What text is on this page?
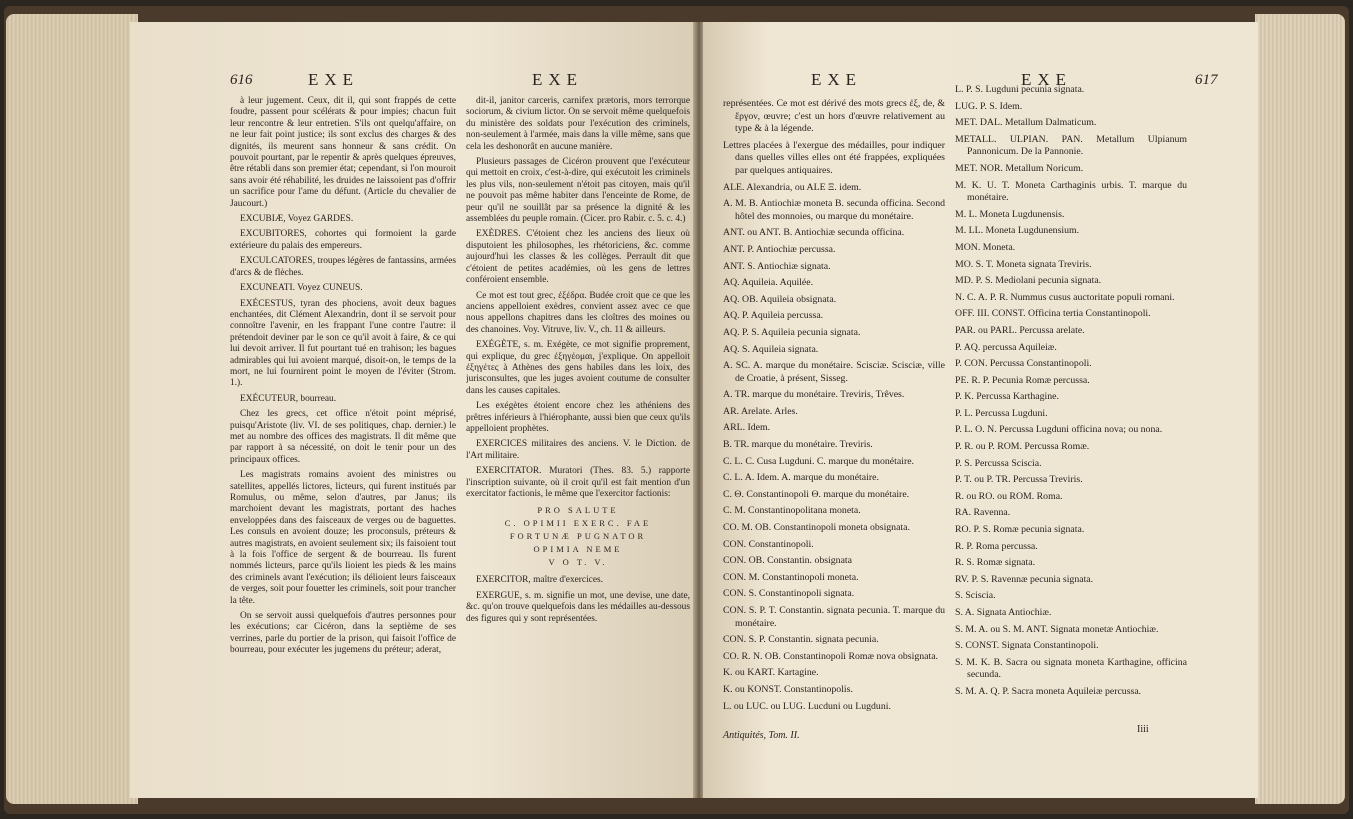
616	EXE	EXE

à leur jugement. Ceux, dit il, qui sont frappés de cette foudre, passent pour scélérats & pour impies; chacun fuit leur rencontre & leur entretien. S'ils ont quelqu'affaire, on ne leur fait point justice; ils sont exclus des charges & des dignités, ils meurent sans honneur & sans crédit. On pouvoit pourtant, par le repentir & après quelques épreuves, être rétabli dans son premier état; cependant, si l'on mouroit sans avoir été réhabilité, les druides ne laissoient pas d'offrir un sacrifice pour l'ame du défunt. (Article du chevalier de Jaucourt.)

EXCUBIÆ, Voyez GARDES.

EXCUBITORES, cohortes qui formoient la garde extérieure du palais des empereurs.

EXCULCATORES, troupes légères de fantassins, armées d'arcs & de flèches.

EXCUNEATI. Voyez CUNEUS.

EXÉCESTUS, tyran des phociens, avoit deux bagues enchantées, dit Clément Alexandrin, dont il se servoit pour connoître l'avenir, en les frappant l'une contre l'autre: il prétendoit deviner par le son ce qu'il avoit à faire, & ce qui lui devoit arriver. Il fut pourtant tué en trahison; les bagues admirables qui lui avoient marqué, disoit-on, le temps de la mort, ne lui fournirent point le moyen de l'éviter (Strom. 1.).

EXÉCUTEUR, bourreau.

Chez les grecs, cet office n'étoit point méprisé, puisqu'Aristote (liv. VI. de ses politiques, chap. dernier.) le met au nombre des offices des magistrats. Il dit même que par rapport à sa nécessité, on doit le tenir pour un des principaux offices.

Les magistrats romains avoient des ministres ou satellites, appellés lictores, licteurs, qui furent institués par Romulus, ou même, selon d'autres, par Janus; ils marchoient devant les magistrats, portant des haches enveloppées dans des faisceaux de verges ou de baguettes. Les consuls en avoient douze; les proconsuls, préteurs & autres magistrats, en avoient seulement six; ils faisoient tout à la fois l'office de sergent & de bourreau. Ils furent nommés licteurs, parce qu'ils lioient les pieds & les mains des criminels avant l'exécution; ils délioient leurs faisceaux de verges, soit pour fouetter les criminels, soit pour trancher la tête.

On se servoit aussi quelquefois d'autres personnes pour les exécutions; car Cicéron, dans la septième de ses verrines, parle du portier de la prison, qui faisoit l'office de bourreau, pour exécuter les jugemens du préteur; aderat,

dit-il, janitor carceris, carnifex prætoris, mors terrorque sociorum, & civium lictor. On se servoit même quelquefois du ministère des soldats pour l'exécution des criminels, non-seulement à l'armée, mais dans la ville même, sans que cela les deshonorât en aucune manière.

Plusieurs passages de Cicéron prouvent que l'exécuteur qui mettoit en croix, c'est-à-dire, qui exécutoit les criminels les plus vils, non-seulement n'étoit pas citoyen, mais qu'il ne pouvoit pas même habiter dans l'enceinte de Rome, de peur qu'il ne souillât par sa présence la dignité & les assemblées du peuple romain. (Cicer. pro Rabir. c. 5. c. 4.)

EXÈDRES. C'étoient chez les anciens des lieux où disputoient les philosophes, les rhétoriciens, &c. comme aujourd'hui les classes & les collèges. Perrault dit que c'étoient de petites académies, où les gens de lettres conféroient ensemble.

Ce mot est tout grec, ἐξέδρα. Budée croit que ce que les anciens appelloient exèdres, convient assez avec ce que nous appellons chapitres dans les cloîtres des moines ou des chanoines. Voy. Vitruve, liv. V., ch. 11 & ailleurs.

EXÉGÈTE, s. m. Exégète, ce mot signifie proprement, qui explique, du grec ἐξηγέομαι, j'explique. On appelloit ἐξηγέτες à Athènes des gens habiles dans les loix, des jurisconsultes, que les juges avoient coutume de consulter dans les causes capitales.

Les exégètes étoient encore chez les athéniens des prêtres inférieurs à l'hiérophante, aussi bien que ceux qu'ils appelloient prophètes.

EXERCICES militaires des anciens. V. le Diction. de l'Art militaire.

EXERCITATOR. Muratori (Thes. 83. 5.) rapporte l'inscription suivante, où il croit qu'il est fait mention d'un exercitator factionis, le même que l'exercitor factionis:

PRO SALUTE
C. OPIMII EXERC. FAE
FORTUNÆ PUGNATOR
OPIMIA NEME
V O T. V.

EXERCITOR, maître d'exercices.

EXERGUE, s. m. signifie un mot, une devise, une date, &c. qu'on trouve quelquefois dans les médailles au-dessous des figures qui y sont représentées.

EXE	EXE	617

représentées. Ce mot est dérivé des mots grecs ἐξ, de, & ἔργον, œuvre; c'est un hors d'œuvre relativement au type & à la légende.

Lettres placées à l'exergue des médailles, pour indiquer dans quelles villes elles ont été frappées, expliquées par quelques antiquaires.

ALE. Alexandria, ou ALE Ξ. idem.

A. M. B. Antiochiæ moneta B. secunda officina. Second hôtel des monnoies, ou marque du monétaire.

ANT. ou ANT. B. Antiochiæ secunda officina.

ANT. P. Antiochiæ percussa.

ANT. S. Antiochiæ signata.

AQ. Aquileia. Aquilée.

AQ. OB. Aquileia obsignata.

AQ. P. Aquileia percussa.

AQ. P. S. Aquileia pecunia signata.

AQ. S. Aquileia signata.

A. SC. A. marque du monétaire. Scisciæ. Scisciæ, ville de Croatie, à présent, Sisseg.

A. TR. marque du monétaire. Treviris, Trêves.

AR. Arelate. Arles.

ARL. Idem.

B. TR. marque du monétaire. Treviris.

C. L. C. Cusa Lugduni. C. marque du monétaire.

C. L. A. Idem. A. marque du monétaire.

C. Θ. Constantinopoli Θ. marque du monétaire.

C. M. Constantinopolitana moneta.

CO. M. OB. Constantinopoli moneta obsignata.

CON. Constantinopoli.

CON. OB. Constantin. obsignata

CON. M. Constantinopoli moneta.

CON. S. Constantinopoli signata.

CON. S. P. T. Constantin. signata pecunia. T. marque du monétaire.

CON. S. P. Constantin. signata pecunia.

CO. R. N. OB. Constantinopoli Romæ nova obsignata.

K. ou KART. Kartagine.

K. ou KONST. Constantinopolis.

L. ou LUC. ou LUG. Lucduni ou Lugduni.

Antiquités, Tom. II.

L. P. S. Lugduni pecunia signata.

LUG. P. S. Idem.

MET. DAL. Metallum Dalmaticum.

METALL. ULPIAN. PAN. Metallum Ulpianum Pannonicum. De la Pannonie.

MET. NOR. Metallum Noricum.

M. K. U. T. Moneta Carthaginis urbis. T. marque du monétaire.

M. L. Moneta Lugdunensis.

M. LL. Moneta Lugdunensium.

MON. Moneta.

MO. S. T. Moneta signata Treviris.

MD. P. S. Mediolani pecunia signata.

N. C. A. P. R. Nummus cusus auctoritate populi romani.

OFF. III. CONST. Officina tertia Constantinopoli.

PAR. ou PARL. Percussa arelate.

P. AQ. percussa Aquileiæ.

P. CON. Percussa Constantinopoli.

PE. R. P. Pecunia Romæ percussa.

P. K. Percussa Karthagine.

P. L. Percussa Lugduni.

P. L. O. N. Percussa Lugduni officina nova; ou nona.

P. R. ou P. ROM. Percussa Romæ.

P. S. Percussa Sciscia.

P. T. ou P. TR. Percussa Treviris.

R. ou RO. ou ROM. Roma.

RA. Ravenna.

RO. P. S. Romæ pecunia signata.

R. P. Roma percussa.

R. S. Romæ signata.

RV. P. S. Ravennæ pecunia signata.

S. Sciscia.

S. A. Signata Antiochiæ.

S. M. A. ou S. M. ANT. Signata monetæ Antiochiæ.

S. CONST. Signata Constantinopoli.

S. M. K. B. Sacra ou signata moneta Karthagine, officina secunda.

S. M. A. Q. P. Sacra moneta Aquileiæ percussa.

Iiii
